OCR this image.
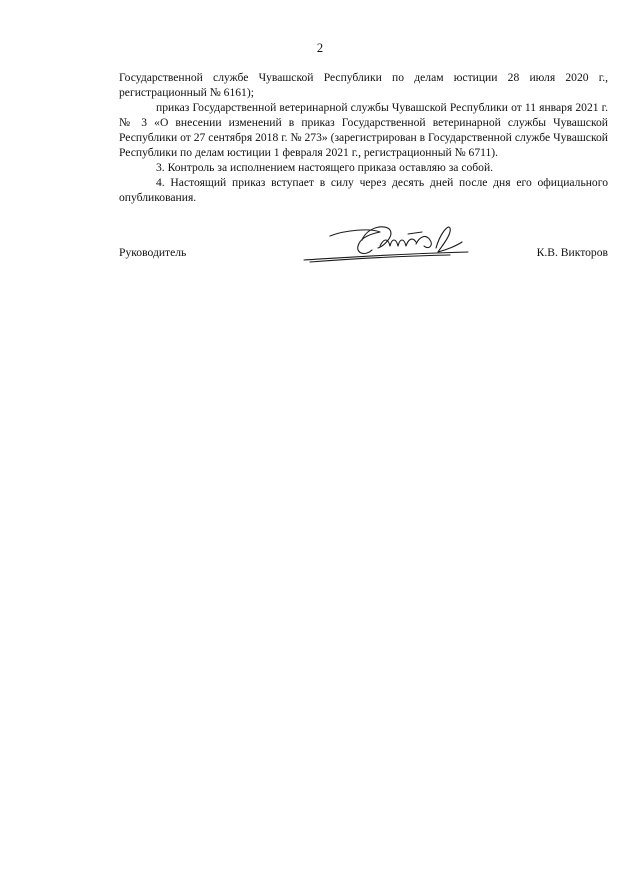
2

Государственной службе Чувашской Республики по делам юстиции 28 июля 2020 г., регистрационный № 6161);

приказ Государственной ветеринарной службы Чувашской Республики от 11 января 2021 г. № 3 «О внесении изменений в приказ Государственной ветеринарной службы Чувашской Республики от 27 сентября 2018 г. № 273» (зарегистрирован в Государственной службе Чувашской Республики по делам юстиции 1 февраля 2021 г., регистрационный № 6711).

3. Контроль за исполнением настоящего приказа оставляю за собой.

4. Настоящий приказ вступает в силу через десять дней после дня его официального опубликования.

Руководитель	К.В. Викторов
